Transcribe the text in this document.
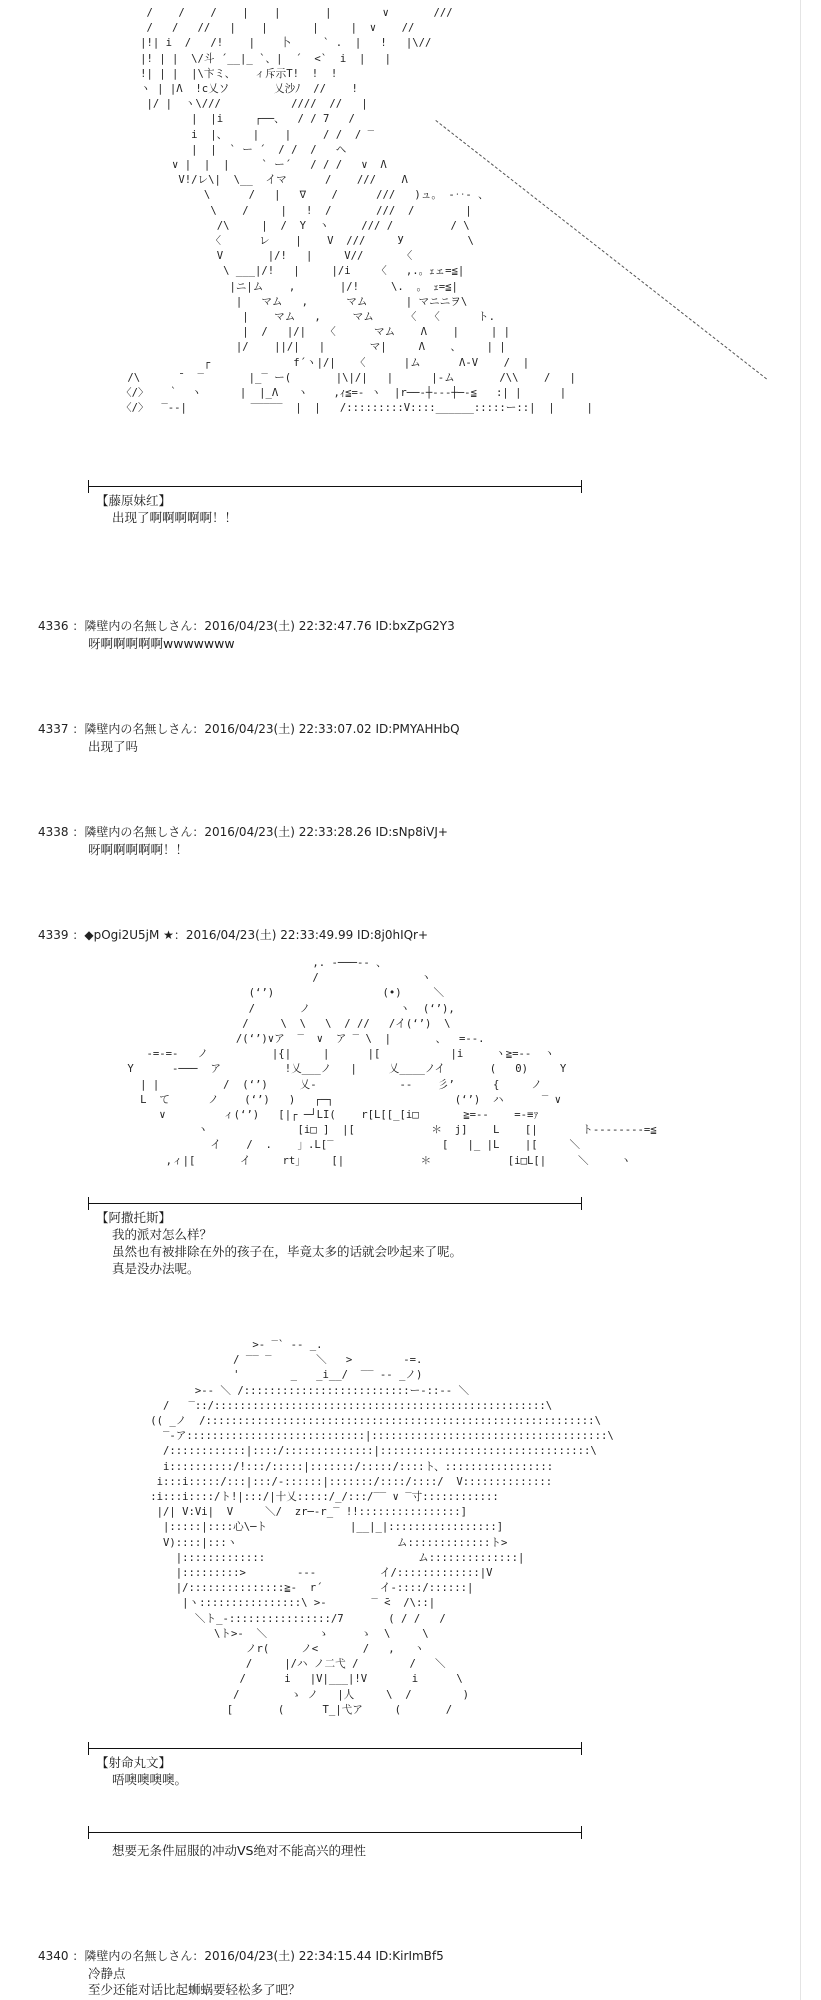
/    /    /    |    |       |        ∨       ///
/   /   //   |    |       |     |  ∨    //
|!| i  /   /!    |    卜     ` .  |   !   |\//
|! | |  \/斗 ´__|_ `、|  ´  <`  i  |   |
!| | |  |\卞ミ、   ィ斥示T!  !  !
ヽ | |Λ  !c乂ソ       乂沙ﾉ  //    !
|/ |  ヽ\///           ////  //   |
|  |i     ┌──、  / / 7   /
i  |、    |    |     / /  / ‾
|  |  ` ー ´  / /  /   ヘ
∨ |  |  |     ` ー´   / / /   ∨  Λ
V!/レ\|  \__  イマ      /    ///    Λ
\      /   |   ∇    /      ///   )ュ。 -‥- 、
\    /     |   !  /       ///  /        |
/\     |  /  Y  ヽ     /// /         / \
〈      レ    |    V  ///     У          \
V       |/!   |     V//      〈
\ ___|/!   |     |/i    〈   ,.。ｪェ=≦|
|ニ|ム    ,       |/!     \.  。 ｪ=≦|
|   マム   ,      マム      | マニニヲ\
|    マム   ,     マム     〈  〈      ト.
|  /   |/|   〈      マム    Λ    |     | |
|/    ||/|   |       マ|     Λ    、    | |
┌             f´ヽ|/|   〈      |ム      Λ-V    /  |
/\      ¯  ‾       |_‾ ー(       |\|/|   |      |-ム       /\\    /   |
〈/〉   ｀  ヽ      |  |_Λ   ヽ    ,ｨ≦=‐ ヽ  |r──‐┼‐‐‐┼─‐≦   :| |      |
〈/〉  ‾‐‐|          ‾‾‾‾‾  |  |   /:::::::::V::::______:::::ー::|  |     |
【藤原妹红】
出现了啊啊啊啊啊！！
4336 ：隣壁内の名無しさん：2016/04/23(土) 22:32:47.76 ID:bxZpG2Y3
呀啊啊啊啊啊wwwwwww
4337 ：隣壁内の名無しさん：2016/04/23(土) 22:33:07.02 ID:PMYAHHbQ
出现了吗
4338 ：隣壁内の名無しさん：2016/04/23(土) 22:33:28.26 ID:sNp8iVJ+
呀啊啊啊啊啊！！
4339 ：◆pOgi2U5jM ★：2016/04/23(土) 22:33:49.99 ID:8j0hIQr+
,. ‐───‐- 、
/                ヽ
(‘’)                 (•)     ＼
/       ノ              ヽ  (‘’),
/     \  \   \  / //   /イ(‘’)  \
/(‘’)∨ア  ‾  ∨  ア ‾ \  |       、  =‐-.
-=‐=-   ノ          |{|     |      |[           |i     ヽ≧=‐‐  ヽ
Y      ‐───  ア          !乂___ノ   |     乂____ノイ       (   0)     Y
| |          /  (‘’)     乂-             ‐‐    彡’      {     ノ
L  て      ノ    (‘’)   )   ┌─┐                   (‘’)  ハ      ‾ ∨
∨         ィ(‘’)   [|┌ ─┘LI(    r[L[[_[i□       ≧=‐-    =‐≡ｧ
ヽ              [i□ ]  |[            ＊  j]    L    [|       ト--------=≦
イ    /  .    」.L[‾                 [   |_ |L    |[     ＼
,ィ|[       イ     rt」    [|            ＊            [i□L[|     ＼     ヽ
【阿撒托斯】
我的派对怎么样？
虽然也有被排除在外的孩子在，毕竟太多的话就会吵起来了呢。
真是没办法呢。
>‐ ‾` ‐- _.
/ ‾‾ ‾       ＼   >        -=.
'        _   _i__/  ‾‾ ‐- _ノ)
>‐‐ ＼ /::::::::::::::::::::::::::ー‐::‐‐ ＼
/   ‾::/::::::::::::::::::::::::::::::::::::::::::::::::::::\
(( _ノ  /:::::::::::::::::::::::::::::::::::::::::::::::::::::::::::::\
‾‐ア::::::::::::::::::::::::::::|:::::::::::::::::::::::::::::::::::::\
/::::::::::::|::::/::::::::::::::|:::::::::::::::::::::::::::::::::\
i::::::::::/!:::/:::::|:::::::/:::::/::::ト、:::::::::::::::::
i:::i:::::/:::|:::/-::::::|:::::::/::::/::::/  V::::::::::::::
:i:::i::::/ト!|:::/|十乂:::::/_/:::/‾‾ ∨ ‾寸::::::::::::
|/| V:Vi|  V     ＼/  zr─‐r_‾ !!::::::::::::::::]
|:::::|::::心\─ト             |__|_|:::::::::::::::::]
V)::::|:::ヽ                         ム:::::::::::::ト>
|:::::::::::::                        ム::::::::::::::|
|:::::::::>        ‐‐‐          イ/:::::::::::::|V
|/:::::::::::::::≧-  r´         イ-::::/::::::|
|ヽ::::::::::::::::\ >-       ‾ ̄<  /\::|
＼ト_-::::::::::::::::/7       ( / /   /
\ト>‐  ＼        ゝ     ゝ  \     \
ノr(     ノ<       /   ,   ヽ
/     |/ハ ノ二弋 /        /   ＼
/      i   |V|___|!V       i      \
/        ゝ ノ   |人     \  /        )
[       (      T_|弋ア     (       /
【射命丸文】
唔噢噢噢噢。
想要无条件屈服的冲动VS绝对不能高兴的理性
4340 ：隣壁内の名無しさん：2016/04/23(土) 22:34:15.44 ID:KirImBf5
冷静点
至少还能对话比起蛳蜗要轻松多了吧？
